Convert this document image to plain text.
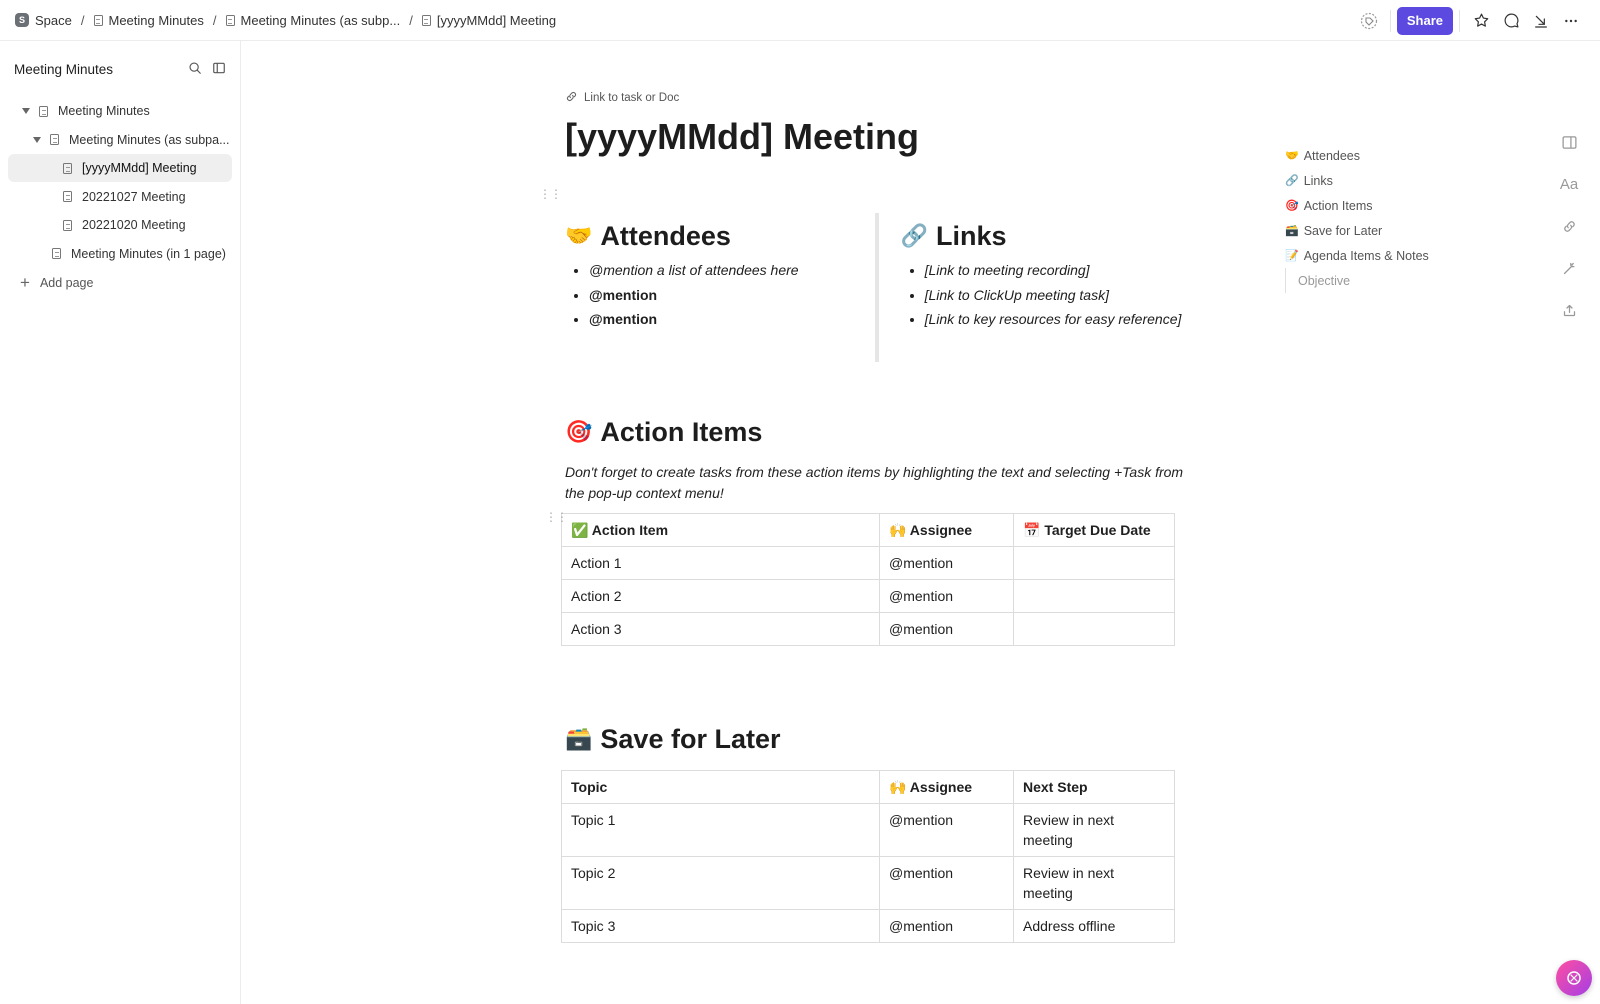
S Space / Meeting Minutes / Meeting Minutes (as subp... / [yyyyMMdd] Meeting	Share
Meeting Minutes
Meeting Minutes
Meeting Minutes (as subpa...
[yyyyMMdd] Meeting
20221027 Meeting
20221020 Meeting
Meeting Minutes (in 1 page)
+ Add page
Link to task or Doc
[yyyyMMdd] Meeting
⋮⋮
🤝 Attendees
• @mention a list of attendees here
• @mention
• @mention
🔗 Links
• [Link to meeting recording]
• [Link to ClickUp meeting task]
• [Link to key resources for easy reference]
🎯 Action Items

Don't forget to create tasks from these action items by highlighting the text and selecting +Task from the pop-up context menu!

⋮⋮
✅ Action Item	🙌 Assignee	📅 Target Due Date
Action 1	@mention	
Action 2	@mention	
Action 3	@mention	
🗃️ Save for Later
Topic	🙌 Assignee	Next Step
Topic 1	@mention	Review in next meeting
Topic 2	@mention	Review in next meeting
Topic 3	@mention	Address offline
🤝 Attendees
🔗 Links
🎯 Action Items
🗃️ Save for Later
📝 Agenda Items & Notes
Objective
Aa
